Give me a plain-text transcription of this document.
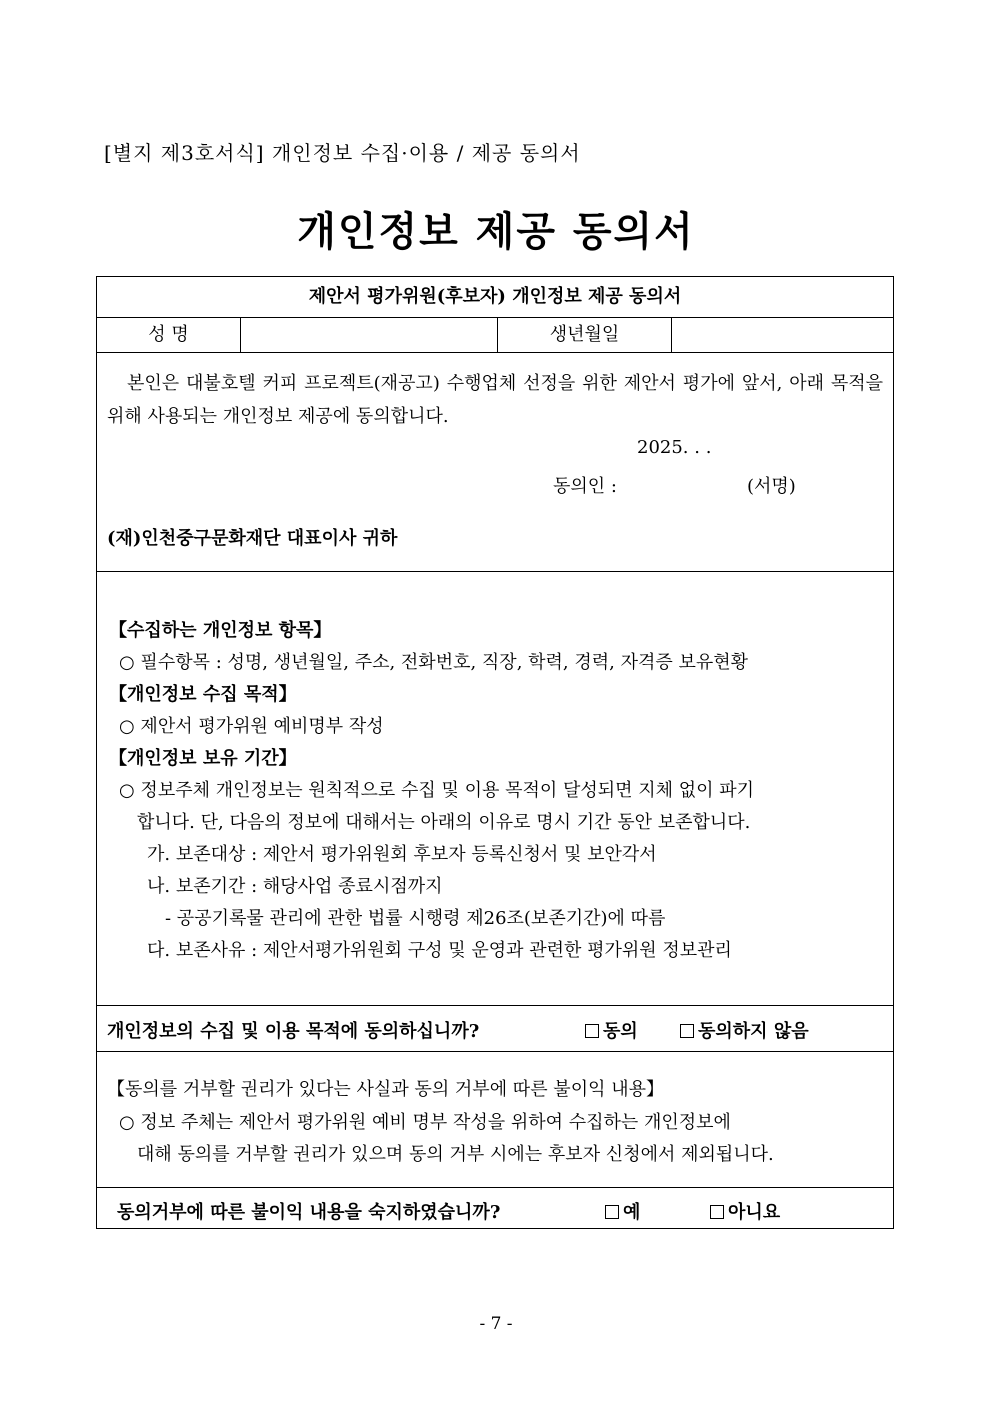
[별지 제3호서식] 개인정보 수집·이용 / 제공 동의서
개인정보 제공 동의서
제안서 평가위원(후보자) 개인정보 제공 동의서
성 명	생년월일
본인은 대불호텔 커피 프로젝트(재공고) 수행업체 선정을 위한 제안서 평가에 앞서, 아래 목적을 위해 사용되는 개인정보 제공에 동의합니다.
2025. . .
동의인 :	(서명)
(재)인천중구문화재단 대표이사 귀하
【수집하는 개인정보 항목】
○ 필수항목 : 성명, 생년월일, 주소, 전화번호, 직장, 학력, 경력, 자격증 보유현황
【개인정보 수집 목적】
○ 제안서 평가위원 예비명부 작성
【개인정보 보유 기간】
○ 정보주체 개인정보는 원칙적으로 수집 및 이용 목적이 달성되면 지체 없이 파기
합니다. 단, 다음의 정보에 대해서는 아래의 이유로 명시 기간 동안 보존합니다.
가. 보존대상 : 제안서 평가위원회 후보자 등록신청서 및 보안각서
나. 보존기간 : 해당사업 종료시점까지
- 공공기록물 관리에 관한 법률 시행령 제26조(보존기간)에 따름
다. 보존사유 : 제안서평가위원회 구성 및 운영과 관련한 평가위원 정보관리
개인정보의 수집 및 이용 목적에 동의하십니까?	동의	동의하지 않음
【동의를 거부할 권리가 있다는 사실과 동의 거부에 따른 불이익 내용】
○ 정보 주체는 제안서 평가위원 예비 명부 작성을 위하여 수집하는 개인정보에
대해 동의를 거부할 권리가 있으며 동의 거부 시에는 후보자 신청에서 제외됩니다.
동의거부에 따른 불이익 내용을 숙지하였습니까?	예	아니요
- 7 -
